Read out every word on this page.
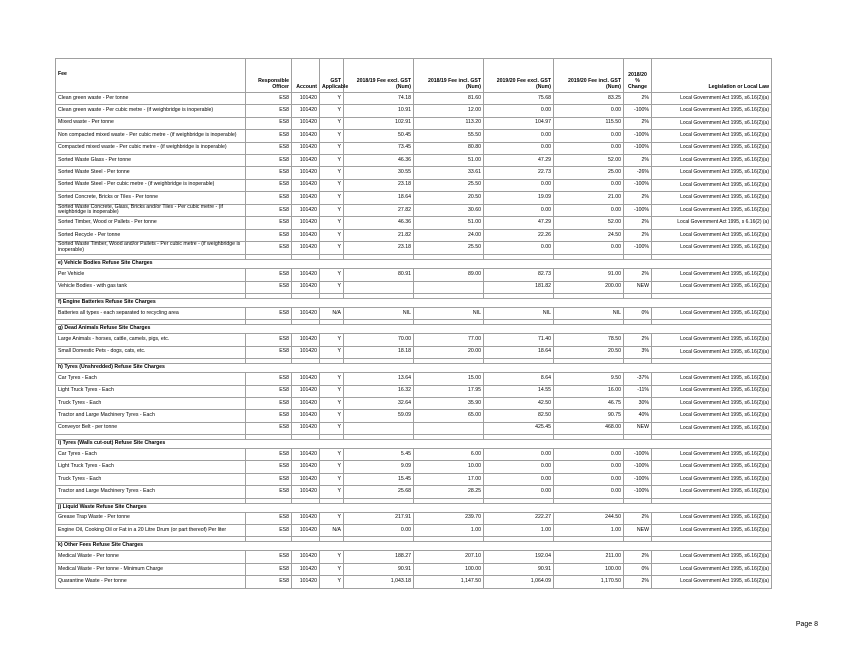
Fee	Responsible Officer	Account	GST Applicable	2018/19 Fee excl. GST (Num)	2018/19 Fee incl. GST (Num)	2019/20 Fee excl. GST (Num)	2019/20 Fee incl. GST (Num)	2018/20 % Change	Legislation or Local Law
Clean green waste - Per tonne	ES8	101420	Y	74.18	81.60	75.68	83.25	2%	Local Government Act 1995, s6.16(2)(a)
Clean green waste - Per cubic metre - (if weighbridge is inoperable)	ES8	101420	Y	10.91	12.00	0.00	0.00	-100%	Local Government Act 1995, s6.16(2)(a)
Mixed waste - Per tonne	ES8	101420	Y	102.91	113.20	104.97	115.50	2%	Local Government Act 1995, s6.16(2)(a)
Non compacted mixed waste - Per cubic metre - (if weighbridge is inoperable)	ES8	101420	Y	50.45	55.50	0.00	0.00	-100%	Local Government Act 1995, s6.16(2)(a)
Compacted mixed waste - Per cubic metre - (if weighbridge is inoperable)	ES8	101420	Y	73.45	80.80	0.00	0.00	-100%	Local Government Act 1995, s6.16(2)(a)
Sorted Waste Glass - Per tonne	ES8	101420	Y	46.36	51.00	47.29	52.00	2%	Local Government Act 1995, s6.16(2)(a)
Sorted Waste Steel - Per tonne	ES8	101420	Y	30.55	33.61	22.73	25.00	-26%	Local Government Act 1995, s6.16(2)(a)
Sorted Waste Steel - Per cubic metre - (if weighbridge is inoperable)	ES8	101420	Y	23.18	25.50	0.00	0.00	-100%	Local Government Act 1995, s6.16(2)(a)
Sorted Concrete, Bricks or Tiles - Per tonne	ES8	101420	Y	18.64	20.50	19.09	21.00	2%	Local Government Act 1995, s6.16(2)(a)
Sorted Waste Concrete, Glass, Bricks and/or Tiles - Per cubic metre - (if weighbridge is inoperable)	ES8	101420	Y	27.82	30.60	0.00	0.00	-100%	Local Government Act 1995, s6.16(2)(a)
Sorted Timber, Wood or Pallets - Per tonne	ES8	101420	Y	46.36	51.00	47.29	52.00	2%	Local Government Act 1995, s 6.16(2) (a)
Sorted Recycle - Per tonne	ES8	101420	Y	21.82	24.00	22.26	24.50	2%	Local Government Act 1995, s6.16(2)(a)
Sorted Waste Timber, Wood and/or Pallets - Per cubic metre - (if weighbridge is inoperable)	ES8	101420	Y	23.18	25.50	0.00	0.00	-100%	Local Government Act 1995, s6.16(2)(a)

e) Vehicle Bodies Refuse Site Charges									
Per Vehicle	ES8	101420	Y	80.91	89.00	82.73	91.00	2%	Local Government Act 1995, s6.16(2)(a)
Vehicle Bodies - with gas tank	ES8	101420	Y			181.82	200.00	NEW	Local Government Act 1995, s6.16(2)(a)

f) Engine Batteries Refuse Site Charges									
Batteries all types - each separated to recycling area	ES8	101420	N/A	NIL	NIL	NIL	NIL	0%	Local Government Act 1995, s6.16(2)(a)

g) Dead Animals Refuse Site Charges									
Large Animals - horses, cattle, camels, pigs, etc.	ES8	101420	Y	70.00	77.00	71.40	78.50	2%	Local Government Act 1995, s6.16(2)(a)
Small Domestic Pets - dogs, cats, etc.	ES8	101420	Y	18.18	20.00	18.64	20.50	3%	Local Government Act 1995, s6.16(2)(a)

h) Tyres (Unshredded) Refuse Site Charges									
Car Tyres - Each	ES8	101420	Y	13.64	15.00	8.64	9.50	-37%	Local Government Act 1995, s6.16(2)(a)
Light Truck Tyres - Each	ES8	101420	Y	16.32	17.95	14.55	16.00	-11%	Local Government Act 1995, s6.16(2)(a)
Truck Tyres - Each	ES8	101420	Y	32.64	35.90	42.50	46.75	30%	Local Government Act 1995, s6.16(2)(a)
Tractor and Large Machinery Tyres - Each	ES8	101420	Y	59.09	65.00	82.50	90.75	40%	Local Government Act 1995, s6.16(2)(a)
Conveyor Belt - per tonne	ES8	101420	Y			425.45	468.00	NEW	Local Government Act 1995, s6.16(2)(a)

i) Tyres (Walls cut-out) Refuse Site Charges									
Car Tyres - Each	ES8	101420	Y	5.45	6.00	0.00	0.00	-100%	Local Government Act 1995, s6.16(2)(a)
Light Truck Tyres - Each	ES8	101420	Y	9.09	10.00	0.00	0.00	-100%	Local Government Act 1995, s6.16(2)(a)
Truck Tyres - Each	ES8	101420	Y	15.45	17.00	0.00	0.00	-100%	Local Government Act 1995, s6.16(2)(a)
Tractor and Large Machinery Tyres - Each	ES8	101420	Y	25.68	28.25	0.00	0.00	-100%	Local Government Act 1995, s6.16(2)(a)

j) Liquid Waste Refuse Site Charges									
Grease Trap Waste - Per tonne	ES8	101420	Y	217.91	239.70	222.27	244.50	2%	Local Government Act 1995, s6.16(2)(a)
Engine Oil, Cooking Oil or Fat in a 20 Litre Drum (or part thereof) Per liter	ES8	101420	N/A	0.00	1.00	1.00	1.00	NEW	Local Government Act 1995, s6.16(2)(a)

k) Other Fees Refuse Site Charges									
Medical Waste - Per tonne	ES8	101420	Y	188.27	207.10	192.04	211.00	2%	Local Government Act 1995, s6.16(2)(a)
Medical Waste - Per tonne - Minimum Charge	ES8	101420	Y	90.91	100.00	90.91	100.00	0%	Local Government Act 1995, s6.16(2)(a)
Quarantine Waste - Per tonne	ES8	101420	Y	1,043.18	1,147.50	1,064.09	1,170.50	2%	Local Government Act 1995, s6.16(2)(a)
Page 8
